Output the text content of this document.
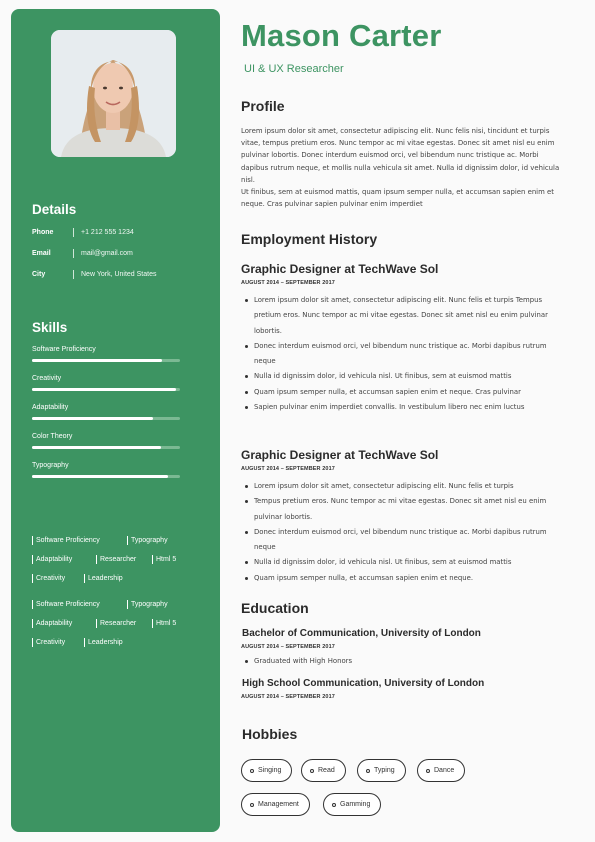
Details
Phone	+1 212 555 1234
Email	mail@gmail.com
City	New York, United States
Skills
Software Proficiency
Creativity
Adaptability
Color Theory
Typography
Software Proficiency	Typography
Adaptability	Researcher	Html 5
Creativity	Leadership
Software Proficiency	Typography
Adaptability	Researcher	Html 5
Creativity	Leadership
Mason Carter
UI & UX Researcher
Profile
Lorem ipsum dolor sit amet, consectetur adipiscing elit. Nunc felis nisi, tincidunt et turpis vitae, tempus pretium eros. Nunc tempor ac mi vitae egestas. Donec sit amet nisl eu enim pulvinar lobortis. Donec interdum euismod orci, vel bibendum nunc tristique ac. Morbi dapibus rutrum neque, et mollis nulla vehicula sit amet. Nulla id dignissim dolor, id vehicula nisl.
Ut finibus, sem at euismod mattis, quam ipsum semper nulla, et accumsan sapien enim et neque. Cras pulvinar sapien pulvinar enim imperdiet
Employment History
Graphic Designer at TechWave Sol
AUGUST 2014 – SEPTEMBER 2017
Lorem ipsum dolor sit amet, consectetur adipiscing elit. Nunc felis et turpis Tempus pretium eros. Nunc tempor ac mi vitae egestas. Donec sit amet nisl eu enim pulvinar lobortis.
Donec interdum euismod orci, vel bibendum nunc tristique ac. Morbi dapibus rutrum neque
Nulla id dignissim dolor, id vehicula nisl. Ut finibus, sem at euismod mattis
Quam ipsum semper nulla, et accumsan sapien enim et neque. Cras pulvinar
Sapien pulvinar enim imperdiet convallis. In vestibulum libero nec enim luctus
Graphic Designer at TechWave Sol
AUGUST 2014 – SEPTEMBER 2017
Lorem ipsum dolor sit amet, consectetur adipiscing elit. Nunc felis et turpis
Tempus pretium eros. Nunc tempor ac mi vitae egestas. Donec sit amet nisl eu enim pulvinar lobortis.
Donec interdum euismod orci, vel bibendum nunc tristique ac. Morbi dapibus rutrum neque
Nulla id dignissim dolor, id vehicula nisl. Ut finibus, sem at euismod mattis
Quam ipsum semper nulla, et accumsan sapien enim et neque.
Education
Bachelor of Communication, University of London
AUGUST 2014 – SEPTEMBER 2017
Graduated with High Honors
High School Communication, University of London
AUGUST 2014 – SEPTEMBER 2017
Hobbies
Singing	Read	Typing	Dance
Management	Gamming
